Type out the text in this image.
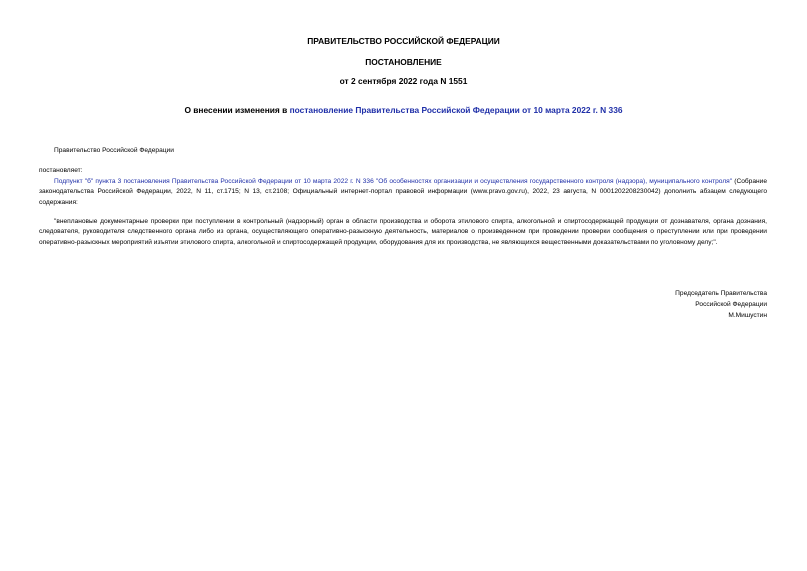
ПРАВИТЕЛЬСТВО РОССИЙСКОЙ ФЕДЕРАЦИИ
ПОСТАНОВЛЕНИЕ
от 2 сентября 2022 года N 1551
О внесении изменения в постановление Правительства Российской Федерации от 10 марта 2022 г. N 336
Правительство Российской Федерации
постановляет:
Подпункт "б" пункта 3 постановления Правительства Российской Федерации от 10 марта 2022 г. N 336 "Об особенностях организации и осуществления государственного контроля (надзора), муниципального контроля" (Собрание законодательства Российской Федерации, 2022, N 11, ст.1715; N 13, ст.2108; Официальный интернет-портал правовой информации (www.pravo.gov.ru), 2022, 23 августа, N 0001202208230042) дополнить абзацем следующего содержания:
"внеплановые документарные проверки при поступлении в контрольный (надзорный) орган в области производства и оборота этилового спирта, алкогольной и спиртосодержащей продукции от дознавателя, органа дознания, следователя, руководителя следственного органа либо из органа, осуществляющего оперативно-разыскную деятельность, материалов о произведенном при проведении проверки сообщения о преступлении или при проведении оперативно-разыскных мероприятий изъятии этилового спирта, алкогольной и спиртосодержащей продукции, оборудования для их производства, не являющихся вещественными доказательствами по уголовному делу;".
Председатель Правительства
Российской Федерации
М.Мишустин
